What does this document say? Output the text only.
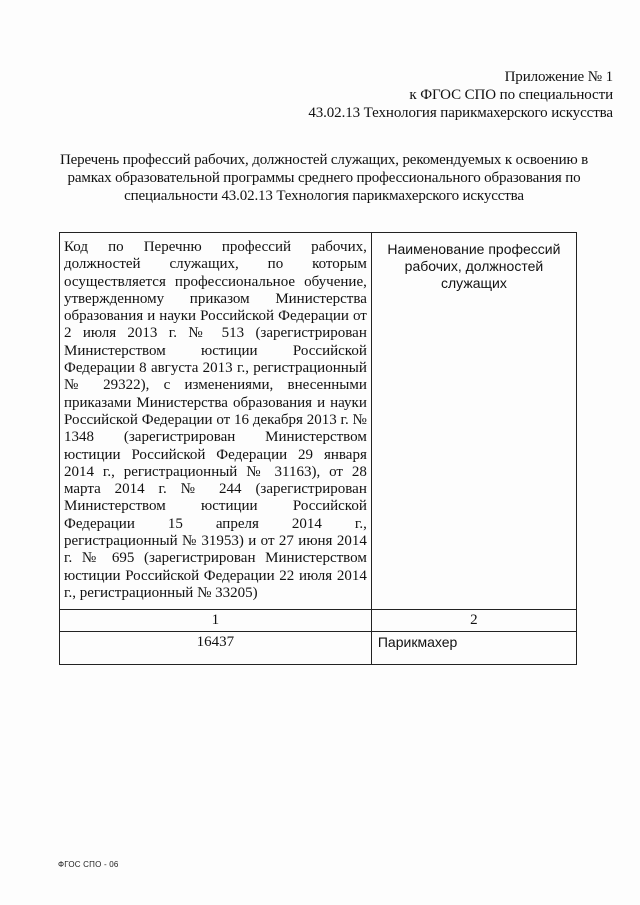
Приложение № 1
к ФГОС СПО по специальности
43.02.13 Технология парикмахерского искусства
Перечень профессий рабочих, должностей служащих, рекомендуемых к освоению в рамках образовательной программы среднего профессионального образования по специальности 43.02.13 Технология парикмахерского искусства
Код по Перечню профессий рабочих, должностей служащих, по которым осуществляется профессиональное обучение, утвержденному приказом Министерства образования и науки Российской Федерации от 2 июля 2013 г. № 513 (зарегистрирован Министерством юстиции Российской Федерации 8 августа 2013 г., регистрационный № 29322), с изменениями, внесенными приказами Министерства образования и науки Российской Федерации от 16 декабря 2013 г. № 1348 (зарегистрирован Министерством юстиции Российской Федерации 29 января 2014 г., регистрационный № 31163), от 28 марта 2014 г. № 244 (зарегистрирован Министерством юстиции Российской Федерации 15 апреля 2014 г., регистрационный № 31953) и от 27 июня 2014 г. № 695 (зарегистрирован Министерством юстиции Российской Федерации 22 июля 2014 г., регистрационный № 33205)	Наименование профессий рабочих, должностей служащих
1	2
16437	Парикмахер
ФГОС СПО - 06
